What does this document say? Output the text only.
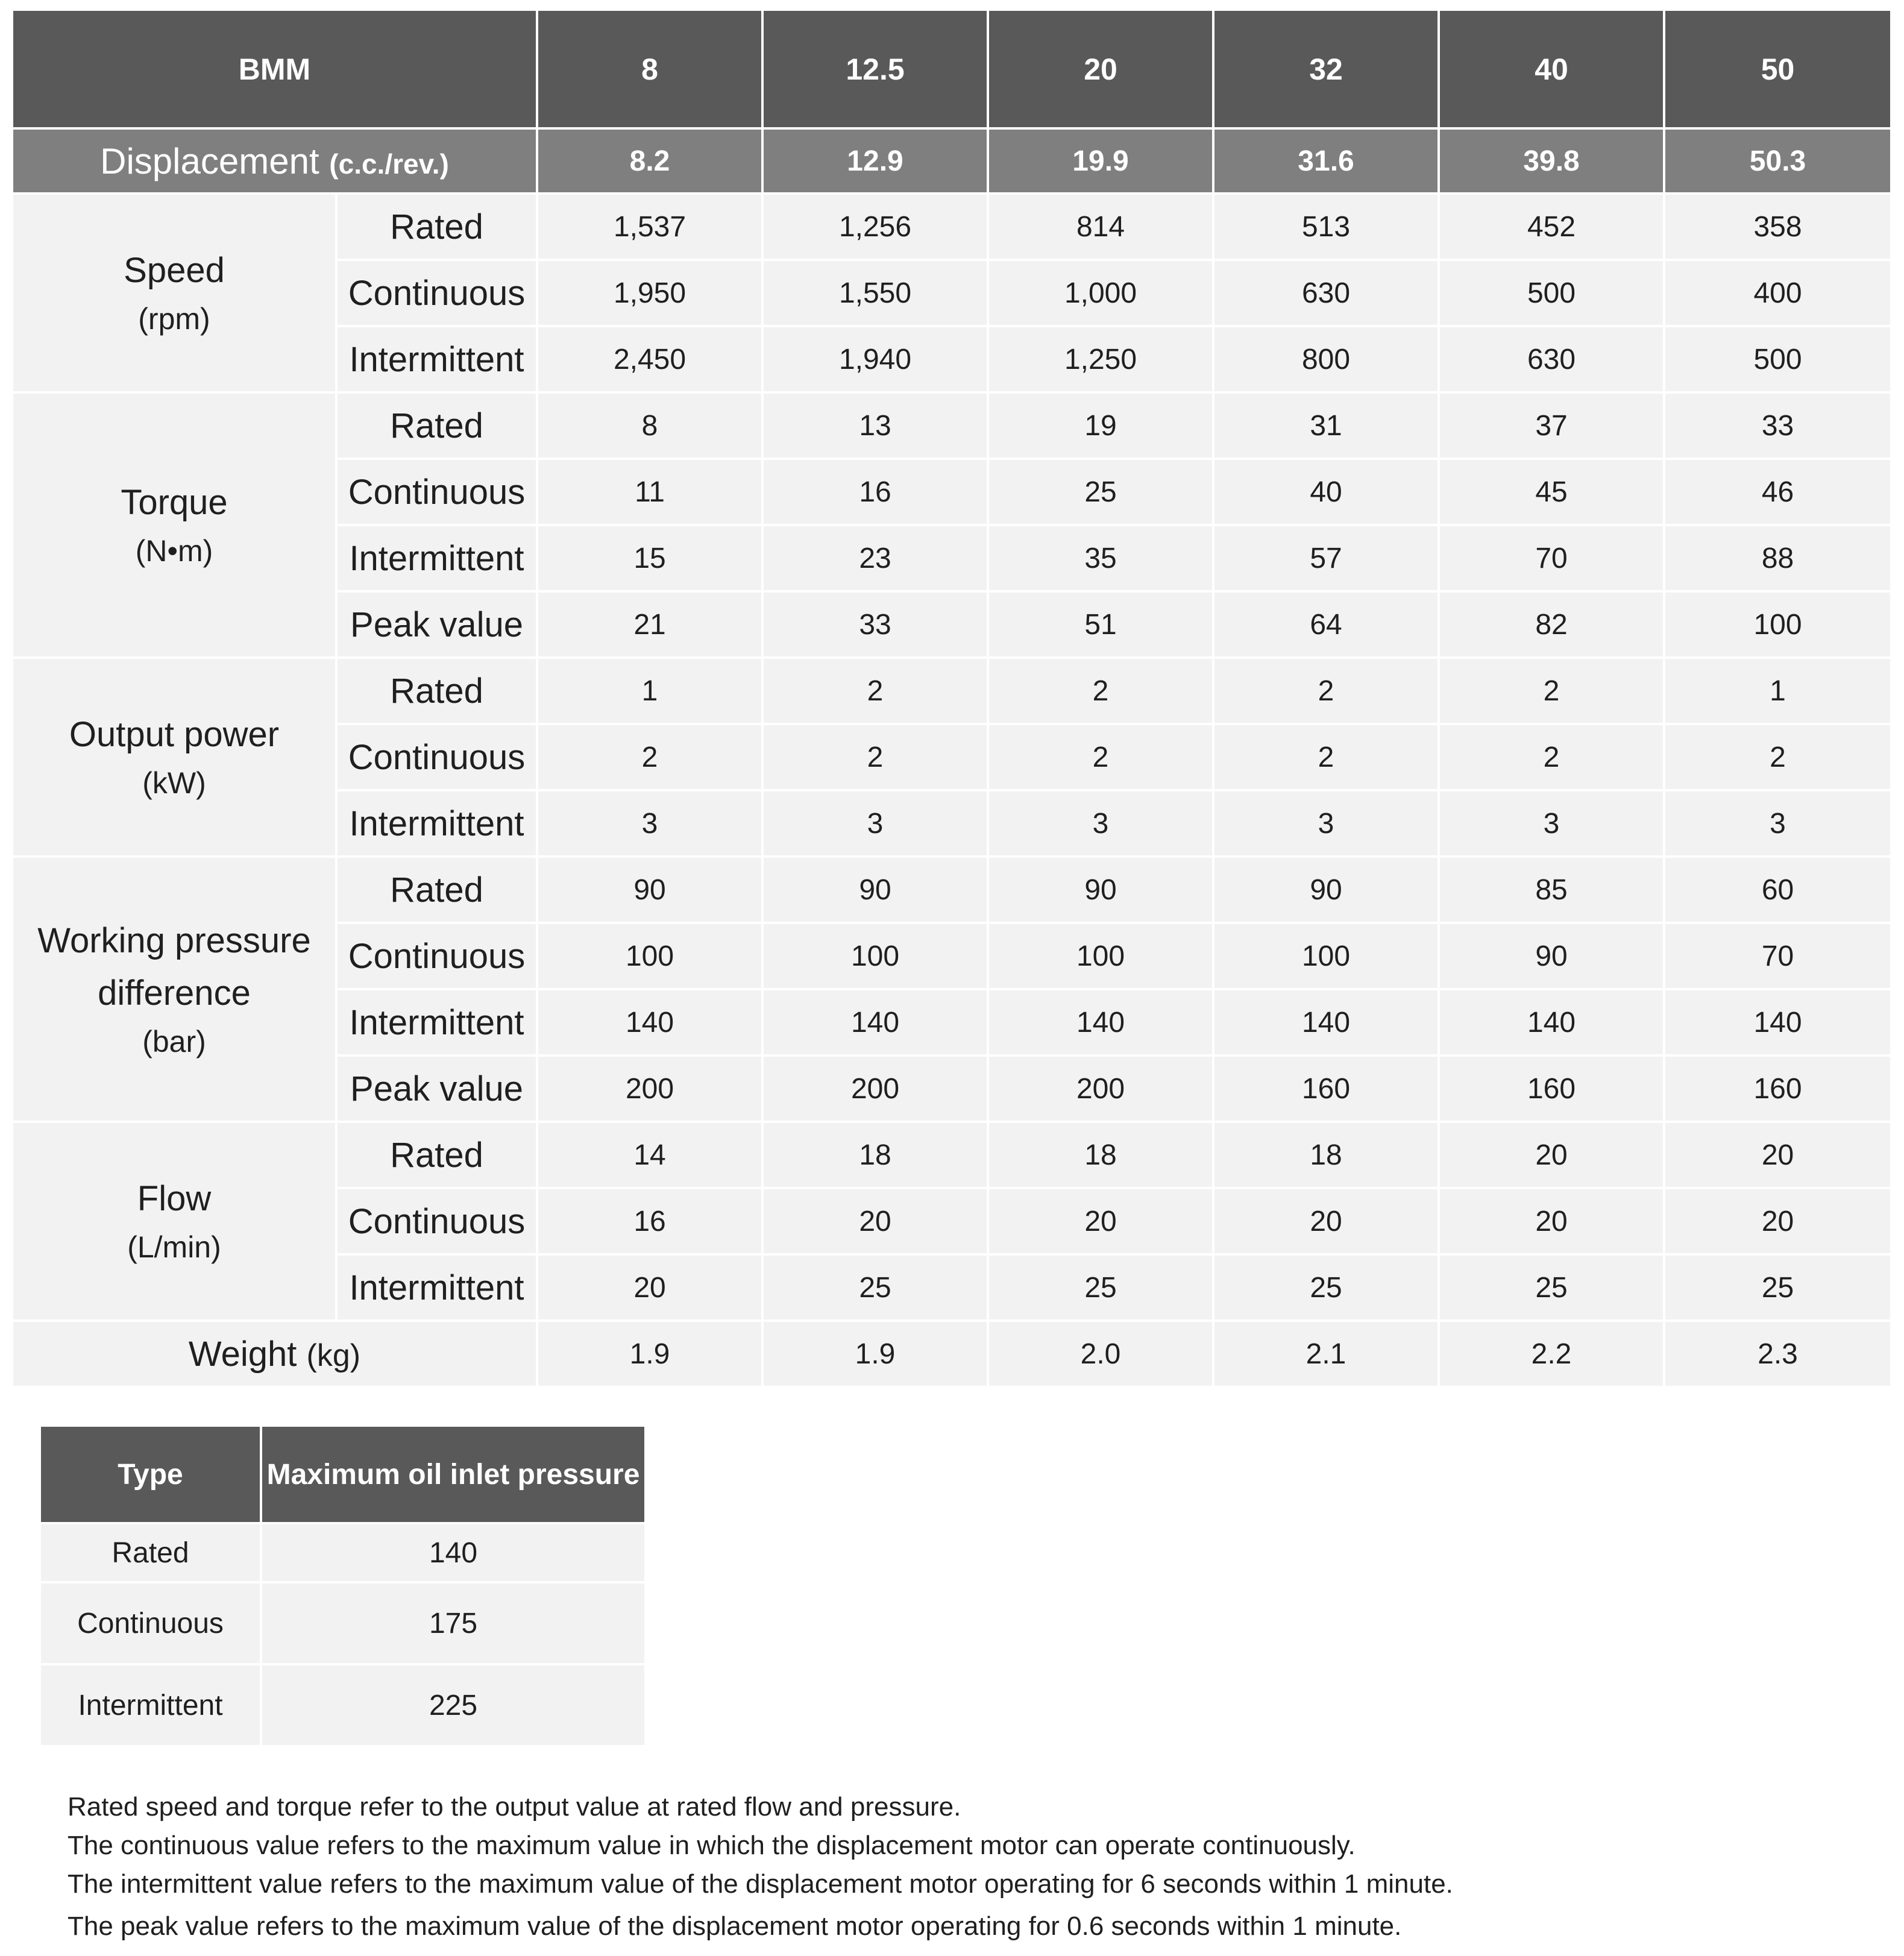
BMM		8	12.5	20	32	40	50
Displacement (c.c./rev.)		8.2	12.9	19.9	31.6	39.8	50.3
Speed
(rpm)	Rated	1,537	1,256	814	513	452	358
	Continuous	1,950	1,550	1,000	630	500	400
	Intermittent	2,450	1,940	1,250	800	630	500
Torque
(N•m)	Rated	8	13	19	31	37	33
	Continuous	11	16	25	40	45	46
	Intermittent	15	23	35	57	70	88
	Peak value	21	33	51	64	82	100
Output power
(kW)	Rated	1	2	2	2	2	1
	Continuous	2	2	2	2	2	2
	Intermittent	3	3	3	3	3	3
Working pressure difference
(bar)	Rated	90	90	90	90	85	60
	Continuous	100	100	100	100	90	70
	Intermittent	140	140	140	140	140	140
	Peak value	200	200	200	160	160	160
Flow
(L/min)	Rated	14	18	18	18	20	20
	Continuous	16	20	20	20	20	20
	Intermittent	20	25	25	25	25	25
Weight (kg)		1.9	1.9	2.0	2.1	2.2	2.3
Type	Maximum oil inlet pressure
Rated	140
Continuous	175
Intermittent	225

Rated speed and torque refer to the output value at rated flow and pressure.

The continuous value refers to the maximum value in which the displacement motor can operate continuously.

The intermittent value refers to the maximum value of the displacement motor operating for 6 seconds within 1 minute.

The peak value refers to the maximum value of the displacement motor operating for 0.6 seconds within 1 minute.
